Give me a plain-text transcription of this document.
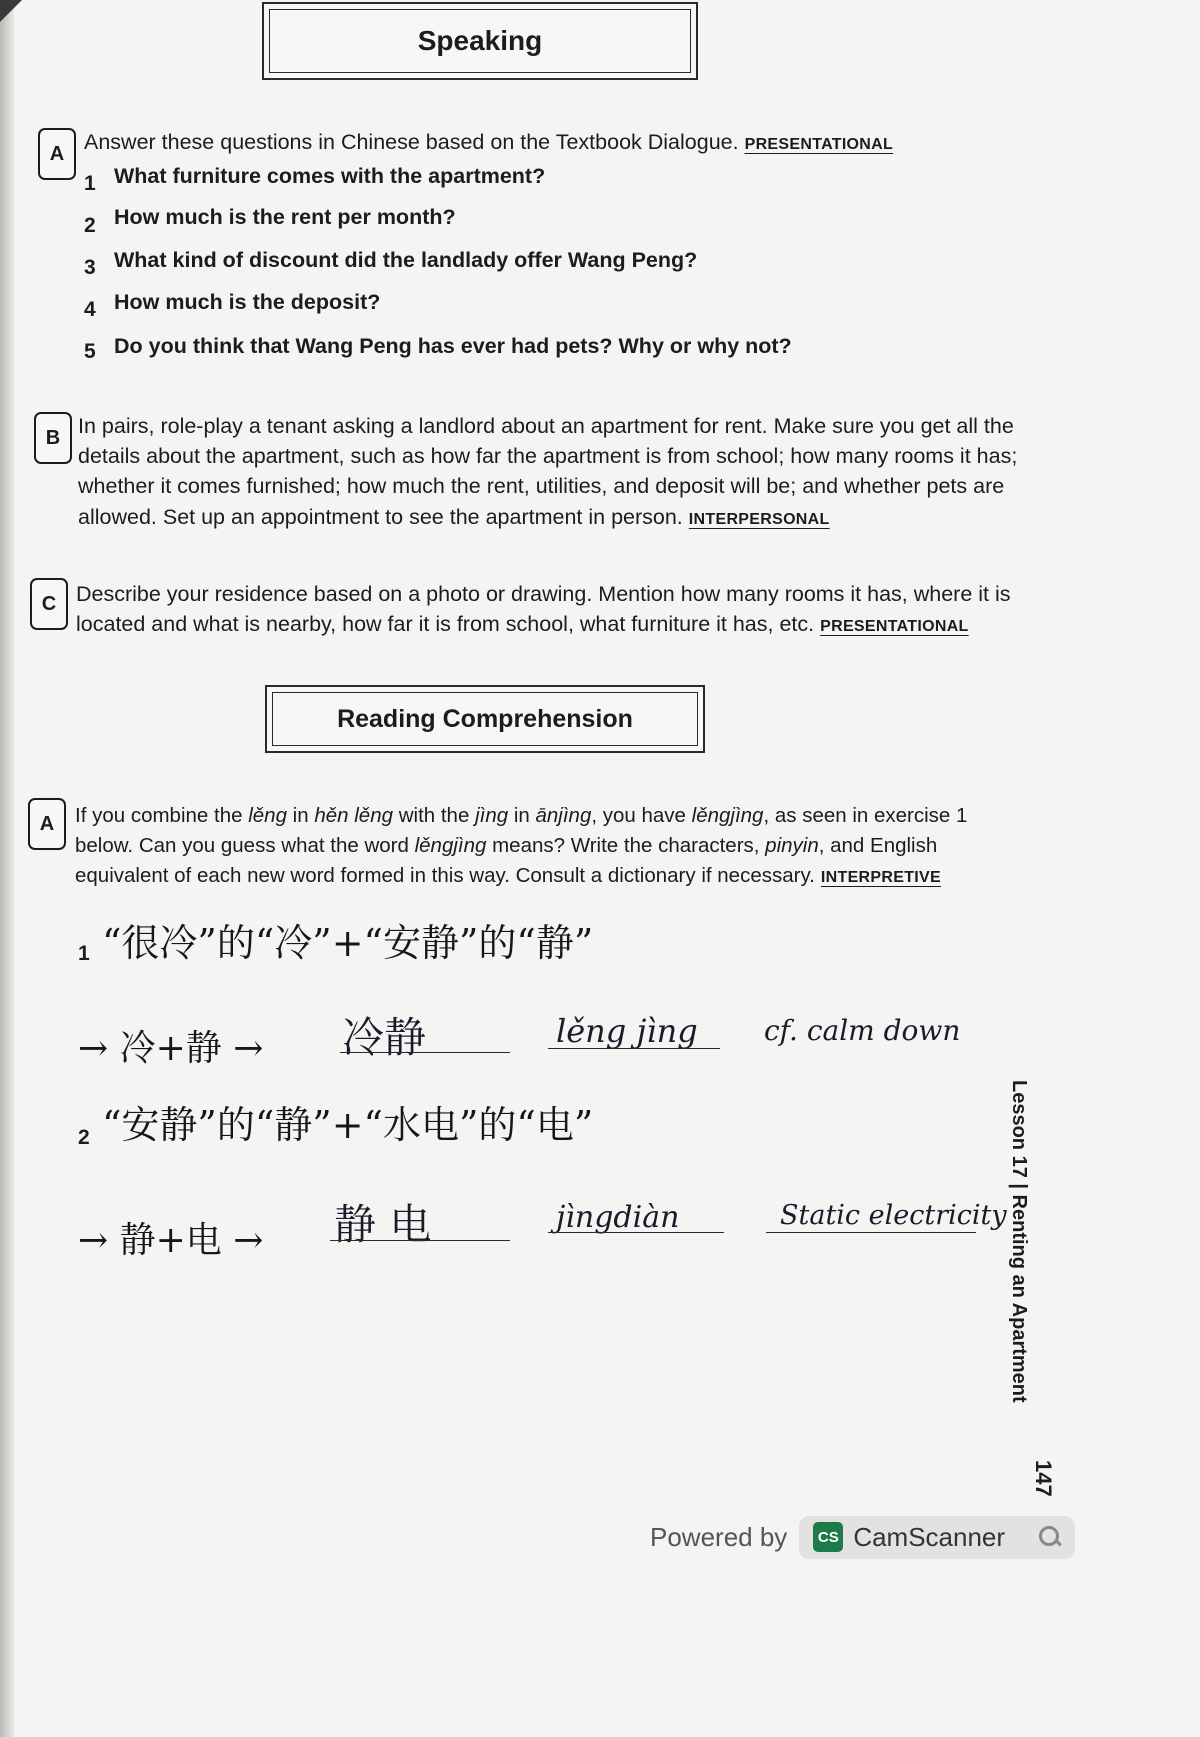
Speaking
A Answer these questions in Chinese based on the Textbook Dialogue. PRESENTATIONAL
1 What furniture comes with the apartment?
2 How much is the rent per month?
3 What kind of discount did the landlady offer Wang Peng?
4 How much is the deposit?
5 Do you think that Wang Peng has ever had pets? Why or why not?
B In pairs, role-play a tenant asking a landlord about an apartment for rent. Make sure you get all the
details about the apartment, such as how far the apartment is from school; how many rooms it has;
whether it comes furnished; how much the rent, utilities, and deposit will be; and whether pets are
allowed. Set up an appointment to see the apartment in person. INTERPERSONAL
C Describe your residence based on a photo or drawing. Mention how many rooms it has, where it is
located and what is nearby, how far it is from school, what furniture it has, etc. PRESENTATIONAL
Reading Comprehension
A	If you combine the lěng in hěn lěng with the jìng in ānjìng, you have lěngjìng, as seen in exercise 1
below. Can you guess what the word lěngjìng means? Write the characters, pinyin, and English
equivalent of each new word formed in this way. Consult a dictionary if necessary. INTERPRETIVE
1 “很冷”的“冷”+“安静”的“静”
→ 冷+静 → 冷静	lěng jìng cf. calm down
2 “安静”的“静”+“水电”的“电”
→ 静+电 → 静 电	jìngdiàn	Static electricity Lesson 17 | Renting an Apartment
147
Powered by	CS CamScanner
